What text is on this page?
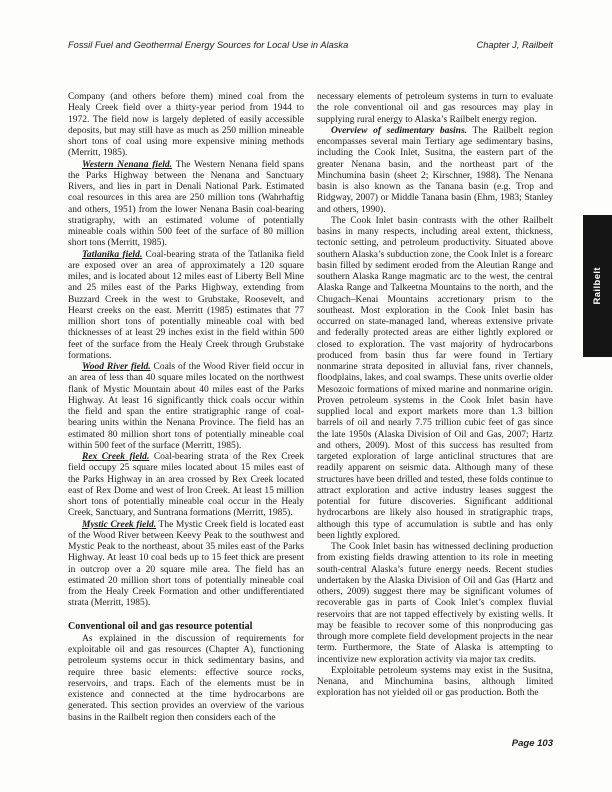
Fossil Fuel and Geothermal Energy Sources for Local Use in Alaska	Chapter J, Railbelt

Company (and others before them) mined coal from the Healy Creek field over a thirty-year period from 1944 to 1972. The field now is largely depleted of easily accessible deposits, but may still have as much as 250 million mineable short tons of coal using more expensive mining methods (Merritt, 1985).

Western Nenana field. The Western Nenana field spans the Parks Highway between the Nenana and Sanctuary Rivers, and lies in part in Denali National Park. Estimated coal resources in this area are 250 million tons (Wahrhaftig and others, 1951) from the lower Nenana Basin coal-bearing stratigraphy, with an estimated volume of potentially mineable coals within 500 feet of the surface of 80 million short tons (Merritt, 1985).

Tatlanika field. Coal-bearing strata of the Tatlanika field are exposed over an area of approximately a 120 square miles, and is located about 12 miles east of Liberty Bell Mine and 25 miles east of the Parks Highway, extending from Buzzard Creek in the west to Grubstake, Roosevelt, and Hearst creeks on the east. Merritt (1985) estimates that 77 million short tons of potentially mineable coal with bed thicknesses of at least 29 inches exist in the field within 500 feet of the surface from the Healy Creek through Grubstake formations.

Wood River field. Coals of the Wood River field occur in an area of less than 40 square miles located on the northwest flank of Mystic Mountain about 40 miles east of the Parks Highway. At least 16 significantly thick coals occur within the field and span the entire stratigraphic range of coal-bearing units within the Nenana Province. The field has an estimated 80 million short tons of potentially mineable coal within 500 feet of the surface (Merritt, 1985).

Rex Creek field. Coal-bearing strata of the Rex Creek field occupy 25 square miles located about 15 miles east of the Parks Highway in an area crossed by Rex Creek located east of Rex Dome and west of Iron Creek. At least 15 million short tons of potentially mineable coal occur in the Healy Creek, Sanctuary, and Suntrana formations (Merritt, 1985).

Mystic Creek field. The Mystic Creek field is located east of the Wood River between Keevy Peak to the southwest and Mystic Peak to the northeast, about 35 miles east of the Parks Highway. At least 10 coal beds up to 15 feet thick are present in outcrop over a 20 square mile area. The field has an estimated 20 million short tons of potentially mineable coal from the Healy Creek Formation and other undifferentiated strata (Merritt, 1985).

Conventional oil and gas resource potential

As explained in the discussion of requirements for exploitable oil and gas resources (Chapter A), functioning petroleum systems occur in thick sedimentary basins, and require three basic elements: effective source rocks, reservoirs, and traps. Each of the elements must be in existence and connected at the time hydrocarbons are generated. This section provides an overview of the various basins in the Railbelt region then considers each of the

necessary elements of petroleum systems in turn to evaluate the role conventional oil and gas resources may play in supplying rural energy to Alaska’s Railbelt energy region.

Overview of sedimentary basins. The Railbelt region encompasses several main Tertiary age sedimentary basins, including the Cook Inlet, Susitna, the eastern part of the greater Nenana basin, and the northeast part of the Minchumina basin (sheet 2; Kirschner, 1988). The Nenana basin is also known as the Tanana basin (e.g. Trop and Ridgway, 2007) or Middle Tanana basin (Ehm, 1983; Stanley and others, 1990).

The Cook Inlet basin contrasts with the other Railbelt basins in many respects, including areal extent, thickness, tectonic setting, and petroleum productivity. Situated above southern Alaska’s subduction zone, the Cook Inlet is a forearc basin filled by sediment eroded from the Aleutian Range and southern Alaska Range magmatic arc to the west, the central Alaska Range and Talkeetna Mountains to the north, and the Chugach–Kenai Mountains accretionary prism to the southeast. Most exploration in the Cook Inlet basin has occurred on state-managed land, whereas extensive private and federally protected areas are either lightly explored or closed to exploration. The vast majority of hydrocarbons produced from basin thus far were found in Tertiary nonmarine strata deposited in alluvial fans, river channels, floodplains, lakes, and coal swamps. These units overlie older Mesozoic formations of mixed marine and nonmarine origin. Proven petroleum systems in the Cook Inlet basin have supplied local and export markets more than 1.3 billion barrels of oil and nearly 7.75 trillion cubic feet of gas since the late 1950s (Alaska Division of Oil and Gas, 2007; Hartz and others, 2009). Most of this success has resulted from targeted exploration of large anticlinal structures that are readily apparent on seismic data. Although many of these structures have been drilled and tested, these folds continue to attract exploration and active industry leases suggest the potential for future discoveries. Significant additional hydrocarbons are likely also housed in stratigraphic traps, although this type of accumulation is subtle and has only been lightly explored.

The Cook Inlet basin has witnessed declining production from existing fields drawing attention to its role in meeting south-central Alaska’s future energy needs. Recent studies undertaken by the Alaska Division of Oil and Gas (Hartz and others, 2009) suggest there may be significant volumes of recoverable gas in parts of Cook Inlet’s complex fluvial reservoirs that are not tapped effectively by existing wells. It may be feasible to recover some of this nonproducing gas through more complete field development projects in the near term. Furthermore, the State of Alaska is attempting to incentivize new exploration activity via major tax credits.

Exploitable petroleum systems may exist in the Susitna, Nenana, and Minchumina basins, although limited exploration has not yielded oil or gas production. Both the

Railbelt
Page 103
